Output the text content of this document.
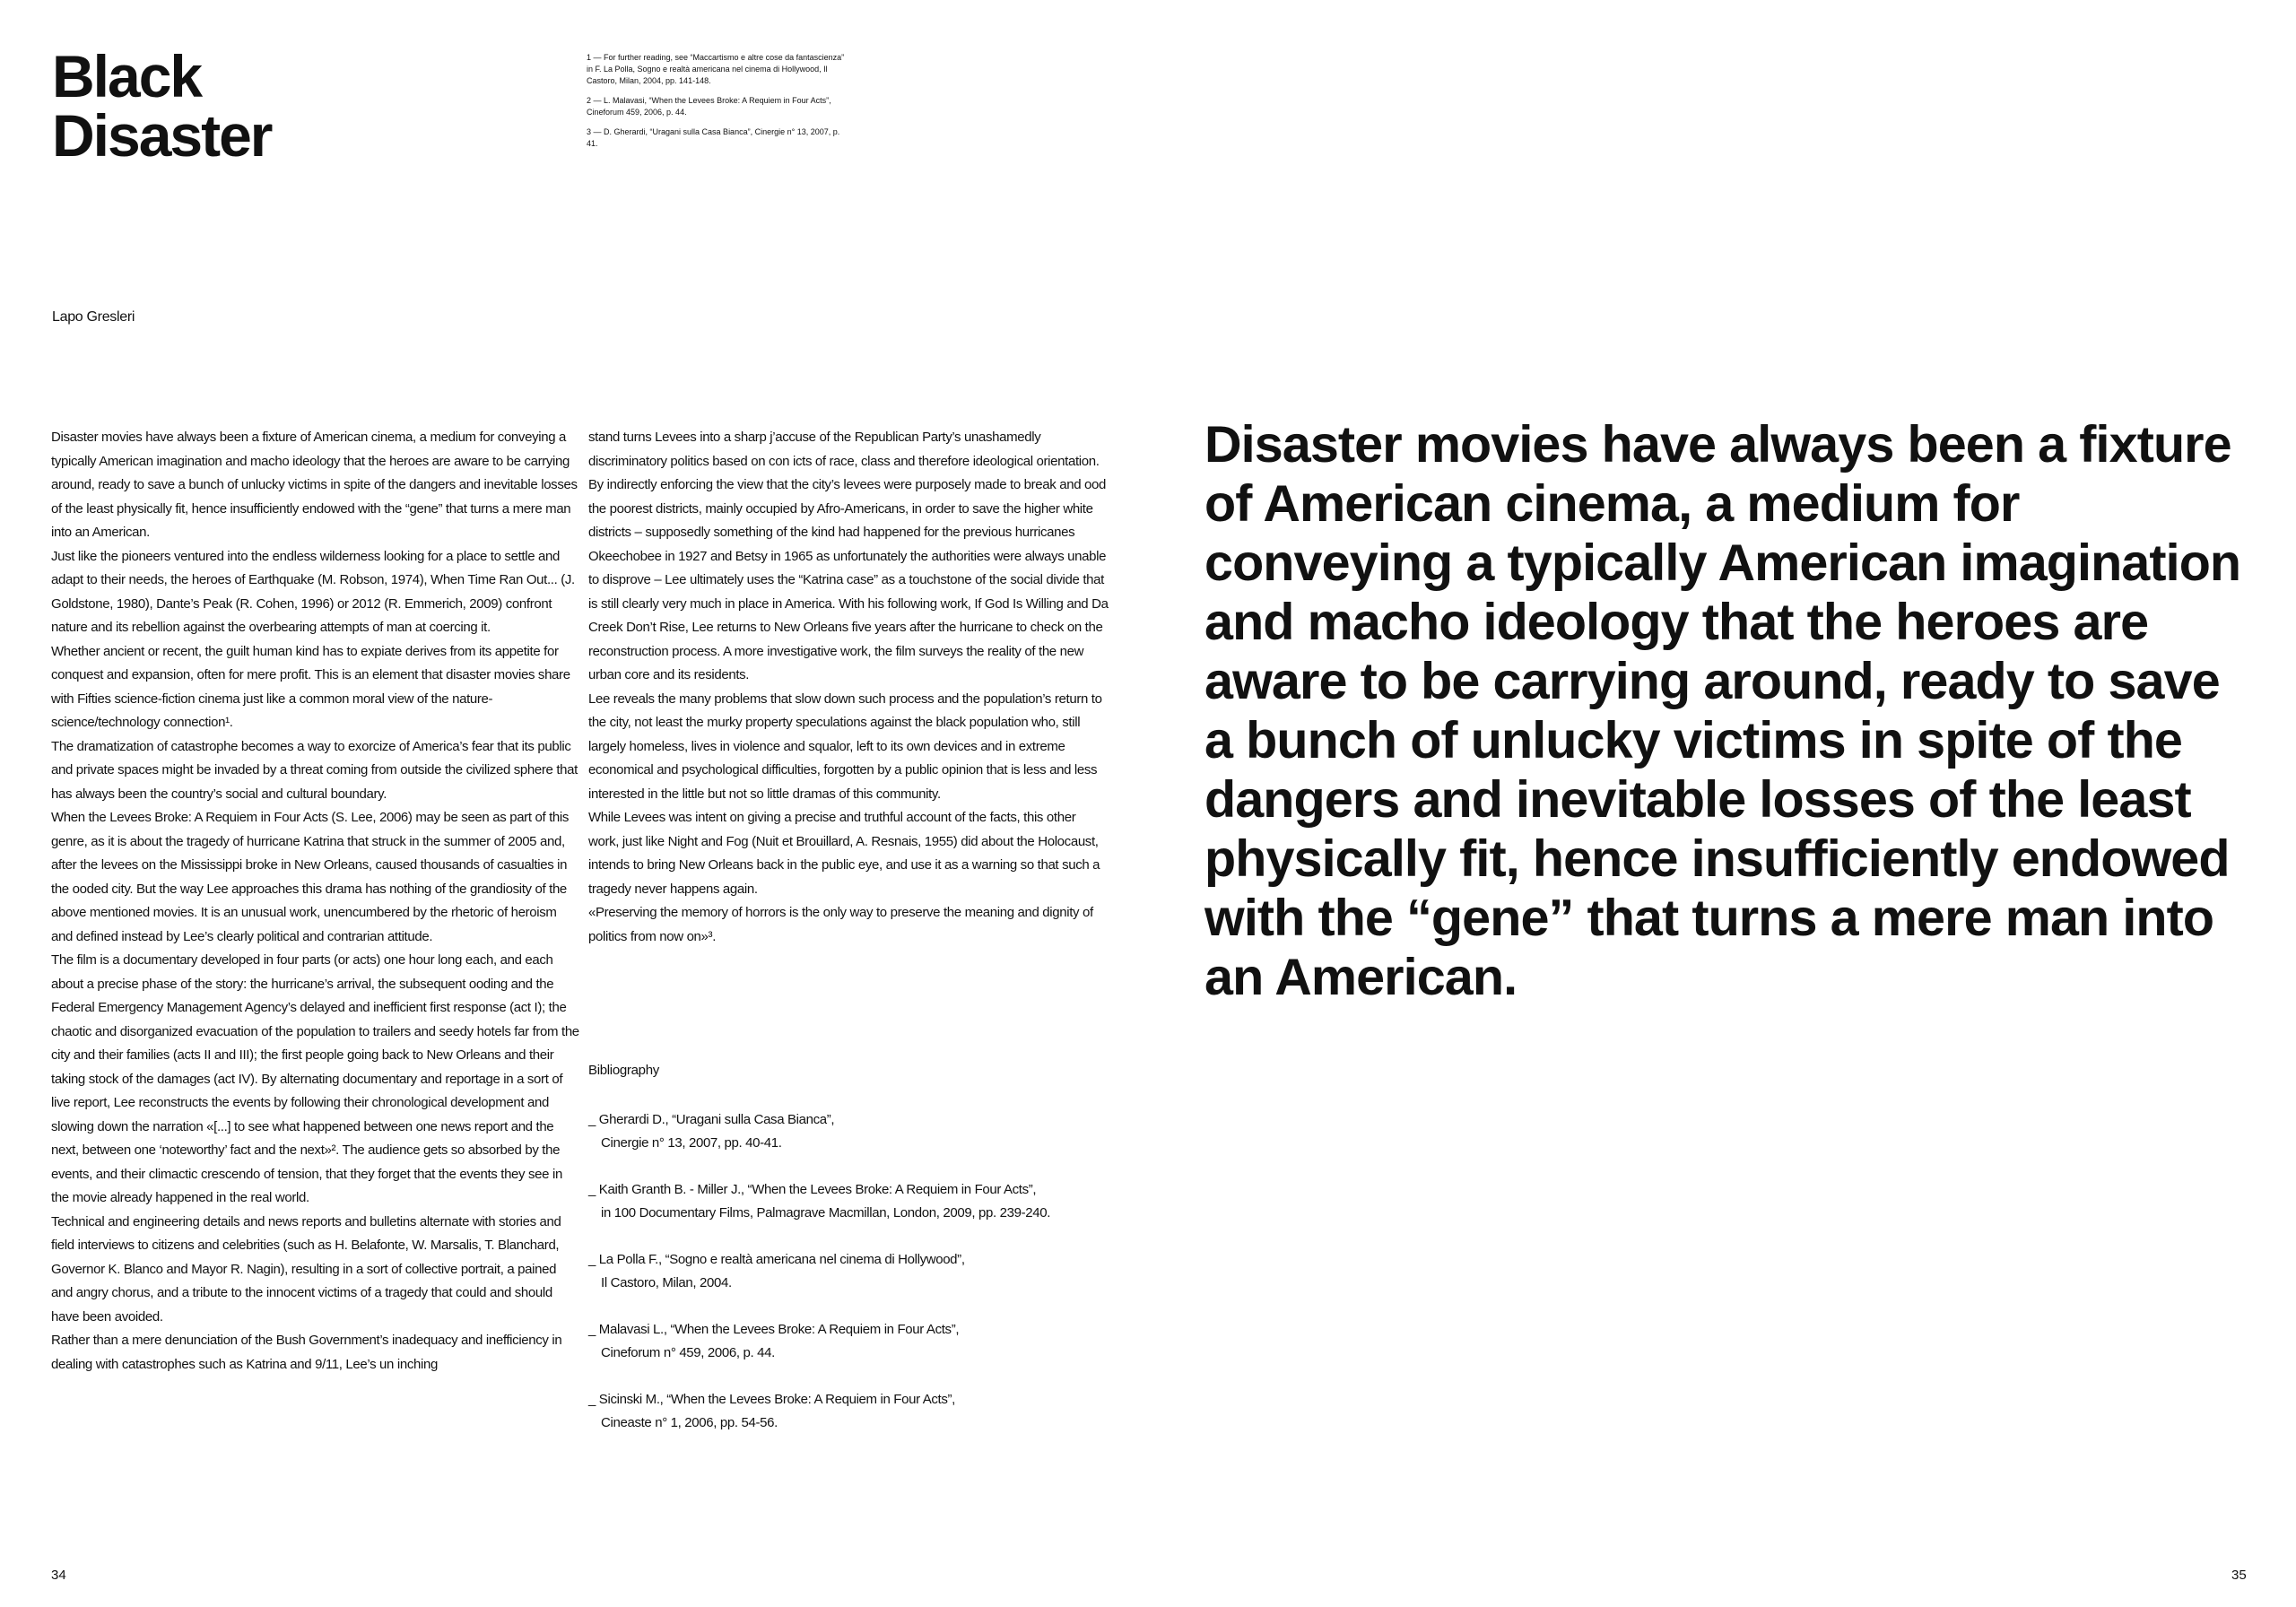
Black
Disaster

1 — For further reading, see “Maccartismo e altre cose da fantascienza” in F. La Polla, Sogno e realtà americana nel cinema di Hollywood, Il Castoro, Milan, 2004, pp. 141-148.

2 — L. Malavasi, “When the Levees Broke: A Requiem in Four Acts”, Cineforum 459, 2006, p. 44.

3 — D. Gherardi, “Uragani sulla Casa Bianca”, Cinergie n° 13, 2007, p. 41.

Lapo Gresleri

Disaster movies have always been a fixture of American cinema, a medium for conveying a typically American imagination and macho ideology that the heroes are aware to be carrying around, ready to save a bunch of unlucky victims in spite of the dangers and inevitable losses of the least physically fit, hence insufficiently endowed with the “gene” that turns a mere man into an American.

Just like the pioneers ventured into the endless wilderness looking for a place to settle and adapt to their needs, the heroes of Earthquake (M. Robson, 1974), When Time Ran Out... (J. Goldstone, 1980), Dante’s Peak (R. Cohen, 1996) or 2012 (R. Emmerich, 2009) confront nature and its rebellion against the overbearing attempts of man at coercing it.

Whether ancient or recent, the guilt human kind has to expiate derives from its appetite for conquest and expansion, often for mere profit. This is an element that disaster movies share with Fifties science-fiction cinema just like a common moral view of the nature-science/technology connection¹.

The dramatization of catastrophe becomes a way to exorcize of America’s fear that its public and private spaces might be invaded by a threat coming from outside the civilized sphere that has always been the country’s social and cultural boundary.

When the Levees Broke: A Requiem in Four Acts (S. Lee, 2006) may be seen as part of this genre, as it is about the tragedy of hurricane Katrina that struck in the summer of 2005 and, after the levees on the Mississippi broke in New Orleans, caused thousands of casualties in the ooded city. But the way Lee approaches this drama has nothing of the grandiosity of the above mentioned movies. It is an unusual work, unencumbered by the rhetoric of heroism and defined instead by Lee’s clearly political and contrarian attitude.

The film is a documentary developed in four parts (or acts) one hour long each, and each about a precise phase of the story: the hurricane’s arrival, the subsequent ooding and the Federal Emergency Management Agency’s delayed and inefficient first response (act I); the chaotic and disorganized evacuation of the population to trailers and seedy hotels far from the city and their families (acts II and III); the first people going back to New Orleans and their taking stock of the damages (act IV). By alternating documentary and reportage in a sort of live report, Lee reconstructs the events by following their chronological development and slowing down the narration «[...] to see what happened between one news report and the next, between one ‘noteworthy’ fact and the next»². The audience gets so absorbed by the events, and their climactic crescendo of tension, that they forget that the events they see in the movie already happened in the real world.

Technical and engineering details and news reports and bulletins alternate with stories and field interviews to citizens and celebrities (such as H. Belafonte, W. Marsalis, T. Blanchard, Governor K. Blanco and Mayor R. Nagin), resulting in a sort of collective portrait, a pained and angry chorus, and a tribute to the innocent victims of a tragedy that could and should have been avoided.

Rather than a mere denunciation of the Bush Government’s inadequacy and inefficiency in dealing with catastrophes such as Katrina and 9/11, Lee’s un inching

stand turns Levees into a sharp j’accuse of the Republican Party’s unashamedly discriminatory politics based on con icts of race, class and therefore ideological orientation.

By indirectly enforcing the view that the city’s levees were purposely made to break and ood the poorest districts, mainly occupied by Afro-Americans, in order to save the higher white districts – supposedly something of the kind had happened for the previous hurricanes Okeechobee in 1927 and Betsy in 1965 as unfortunately the authorities were always unable to disprove – Lee ultimately uses the “Katrina case” as a touchstone of the social divide that is still clearly very much in place in America. With his following work, If God Is Willing and Da Creek Don’t Rise, Lee returns to New Orleans five years after the hurricane to check on the reconstruction process. A more investigative work, the film surveys the reality of the new urban core and its residents.

Lee reveals the many problems that slow down such process and the population’s return to the city, not least the murky property speculations against the black population who, still largely homeless, lives in violence and squalor, left to its own devices and in extreme economical and psychological difficulties, forgotten by a public opinion that is less and less interested in the little but not so little dramas of this community.

While Levees was intent on giving a precise and truthful account of the facts, this other work, just like Night and Fog (Nuit et Brouillard, A. Resnais, 1955) did about the Holocaust, intends to bring New Orleans back in the public eye, and use it as a warning so that such a tragedy never happens again.

«Preserving the memory of horrors is the only way to preserve the meaning and dignity of politics from now on»³.

Bibliography
_ Gherardi D., “Uragani sulla Casa Bianca”,
Cinergie n° 13, 2007, pp. 40-41.
_ Kaith Granth B. - Miller J., “When the Levees Broke: A Requiem in Four Acts”,
in 100 Documentary Films, Palmagrave Macmillan, London, 2009, pp. 239-240.
_ La Polla F., “Sogno e realtà americana nel cinema di Hollywood”,
Il Castoro, Milan, 2004.
_ Malavasi L., “When the Levees Broke: A Requiem in Four Acts”,
Cineforum n° 459, 2006, p. 44.
_ Sicinski M., “When the Levees Broke: A Requiem in Four Acts”,
Cineaste n° 1, 2006, pp. 54-56.

Disaster movies have always been a fixture of American cinema, a medium for conveying a typically American imagination and macho ideology that the heroes are aware to be carrying around, ready to save a bunch of unlucky victims in spite of the dangers and inevitable losses of the least physically fit, hence insufficiently endowed with the “gene” that turns a mere man into an American.

34	35
